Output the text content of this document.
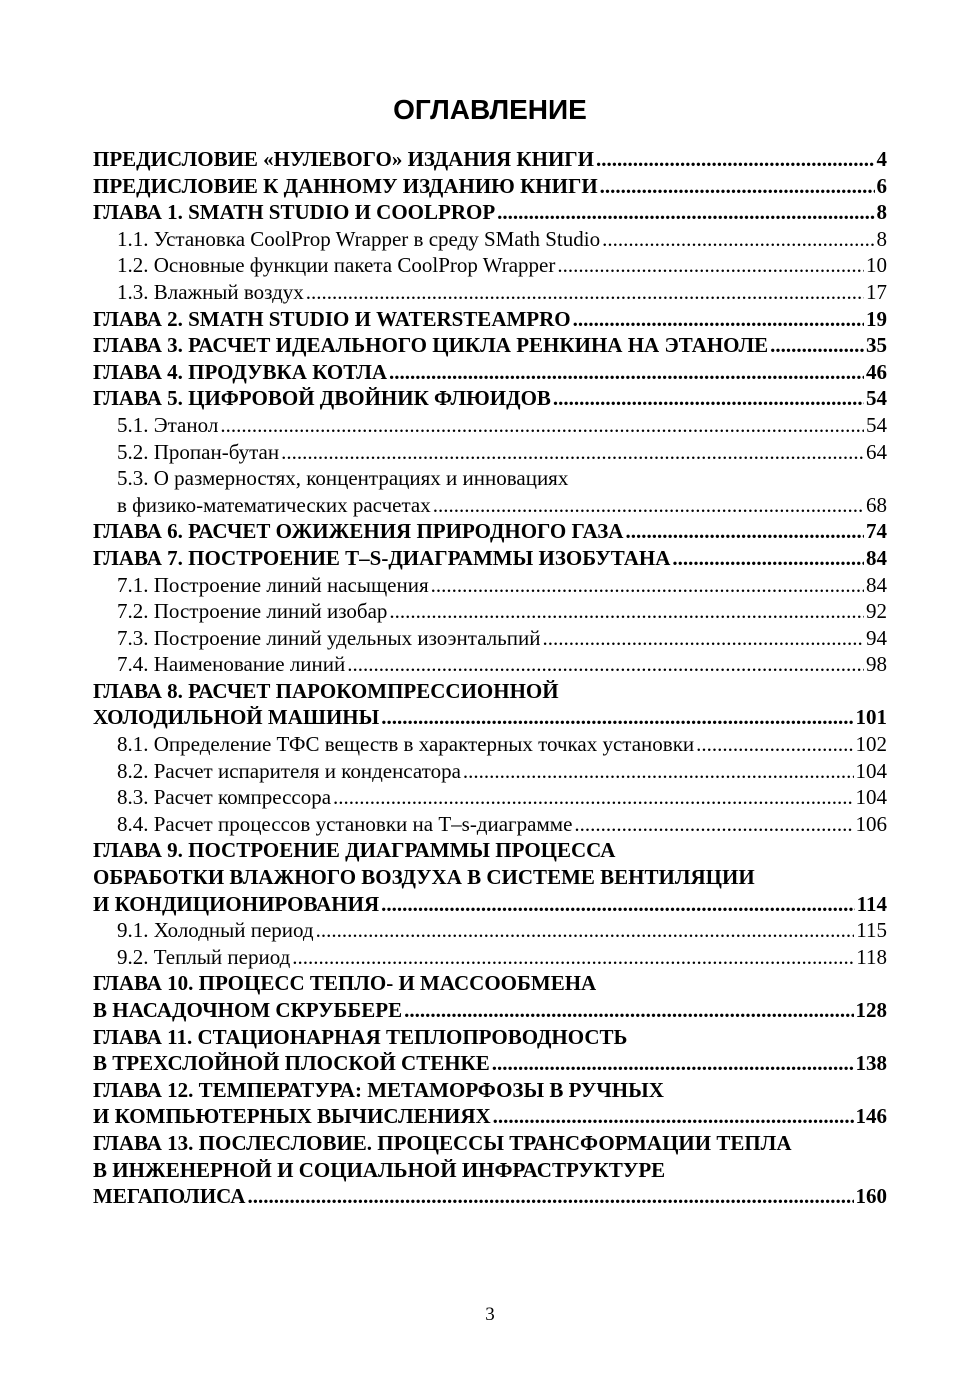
ОГЛАВЛЕНИЕ
ПРЕДИСЛОВИЕ «НУЛЕВОГО» ИЗДАНИЯ КНИГИ .....	4
ПРЕДИСЛОВИЕ К ДАННОМУ ИЗДАНИЮ КНИГИ .....	6
ГЛАВА 1. SMATH STUDIO И COOLPROP .....	8
1.1. Установка CoolProp Wrapper в среду SMath Studio .....	8
1.2. Основные функции пакета CoolProp Wrapper .....	10
1.3. Влажный воздух .....	17
ГЛАВА 2. SMATH STUDIO И WATERSTEAMPRO .....	19
ГЛАВА 3. РАСЧЕТ ИДЕАЛЬНОГО ЦИКЛА РЕНКИНА НА ЭТАНОЛЕ .....	35
ГЛАВА 4. ПРОДУВКА КОТЛА .....	46
ГЛАВА 5. ЦИФРОВОЙ ДВОЙНИК ФЛЮИДОВ .....	54
5.1. Этанол .....	54
5.2. Пропан-бутан .....	64
5.3. О размерностях, концентрациях и инновациях
в физико-математических расчетах .....	68
ГЛАВА 6. РАСЧЕТ ОЖИЖЕНИЯ ПРИРОДНОГО ГАЗА .....	74
ГЛАВА 7. ПОСТРОЕНИЕ T–S-ДИАГРАММЫ ИЗОБУТАНА .....	84
7.1. Построение линий насыщения .....	84
7.2. Построение линий изобар .....	92
7.3. Построение линий удельных изоэнтальпий .....	94
7.4. Наименование линий .....	98
ГЛАВА 8. РАСЧЕТ ПАРОКОМПРЕССИОННОЙ
ХОЛОДИЛЬНОЙ МАШИНЫ .....	101
8.1. Определение ТФС веществ в характерных точках установки .....	102
8.2. Расчет испарителя и конденсатора .....	104
8.3. Расчет компрессора .....	104
8.4. Расчет процессов установки на T–s-диаграмме .....	106
ГЛАВА 9. ПОСТРОЕНИЕ ДИАГРАММЫ ПРОЦЕССА
ОБРАБОТКИ ВЛАЖНОГО ВОЗДУХА В СИСТЕМЕ ВЕНТИЛЯЦИИ
И КОНДИЦИОНИРОВАНИЯ .....	114
9.1. Холодный период .....	115
9.2. Теплый период .....	118
ГЛАВА 10. ПРОЦЕСС ТЕПЛО- И МАССООБМЕНА
В НАСАДОЧНОМ СКРУББЕРЕ .....	128
ГЛАВА 11. СТАЦИОНАРНАЯ ТЕПЛОПРОВОДНОСТЬ
В ТРЕХСЛОЙНОЙ ПЛОСКОЙ СТЕНКЕ .....	138
ГЛАВА 12. ТЕМПЕРАТУРА: МЕТАМОРФОЗЫ В РУЧНЫХ
И КОМПЬЮТЕРНЫХ ВЫЧИСЛЕНИЯХ .....	146
ГЛАВА 13. ПОСЛЕСЛОВИЕ. ПРОЦЕССЫ ТРАНСФОРМАЦИИ ТЕПЛА
В ИНЖЕНЕРНОЙ И СОЦИАЛЬНОЙ ИНФРАСТРУКТУРЕ
МЕГАПОЛИСА .....	160
3
